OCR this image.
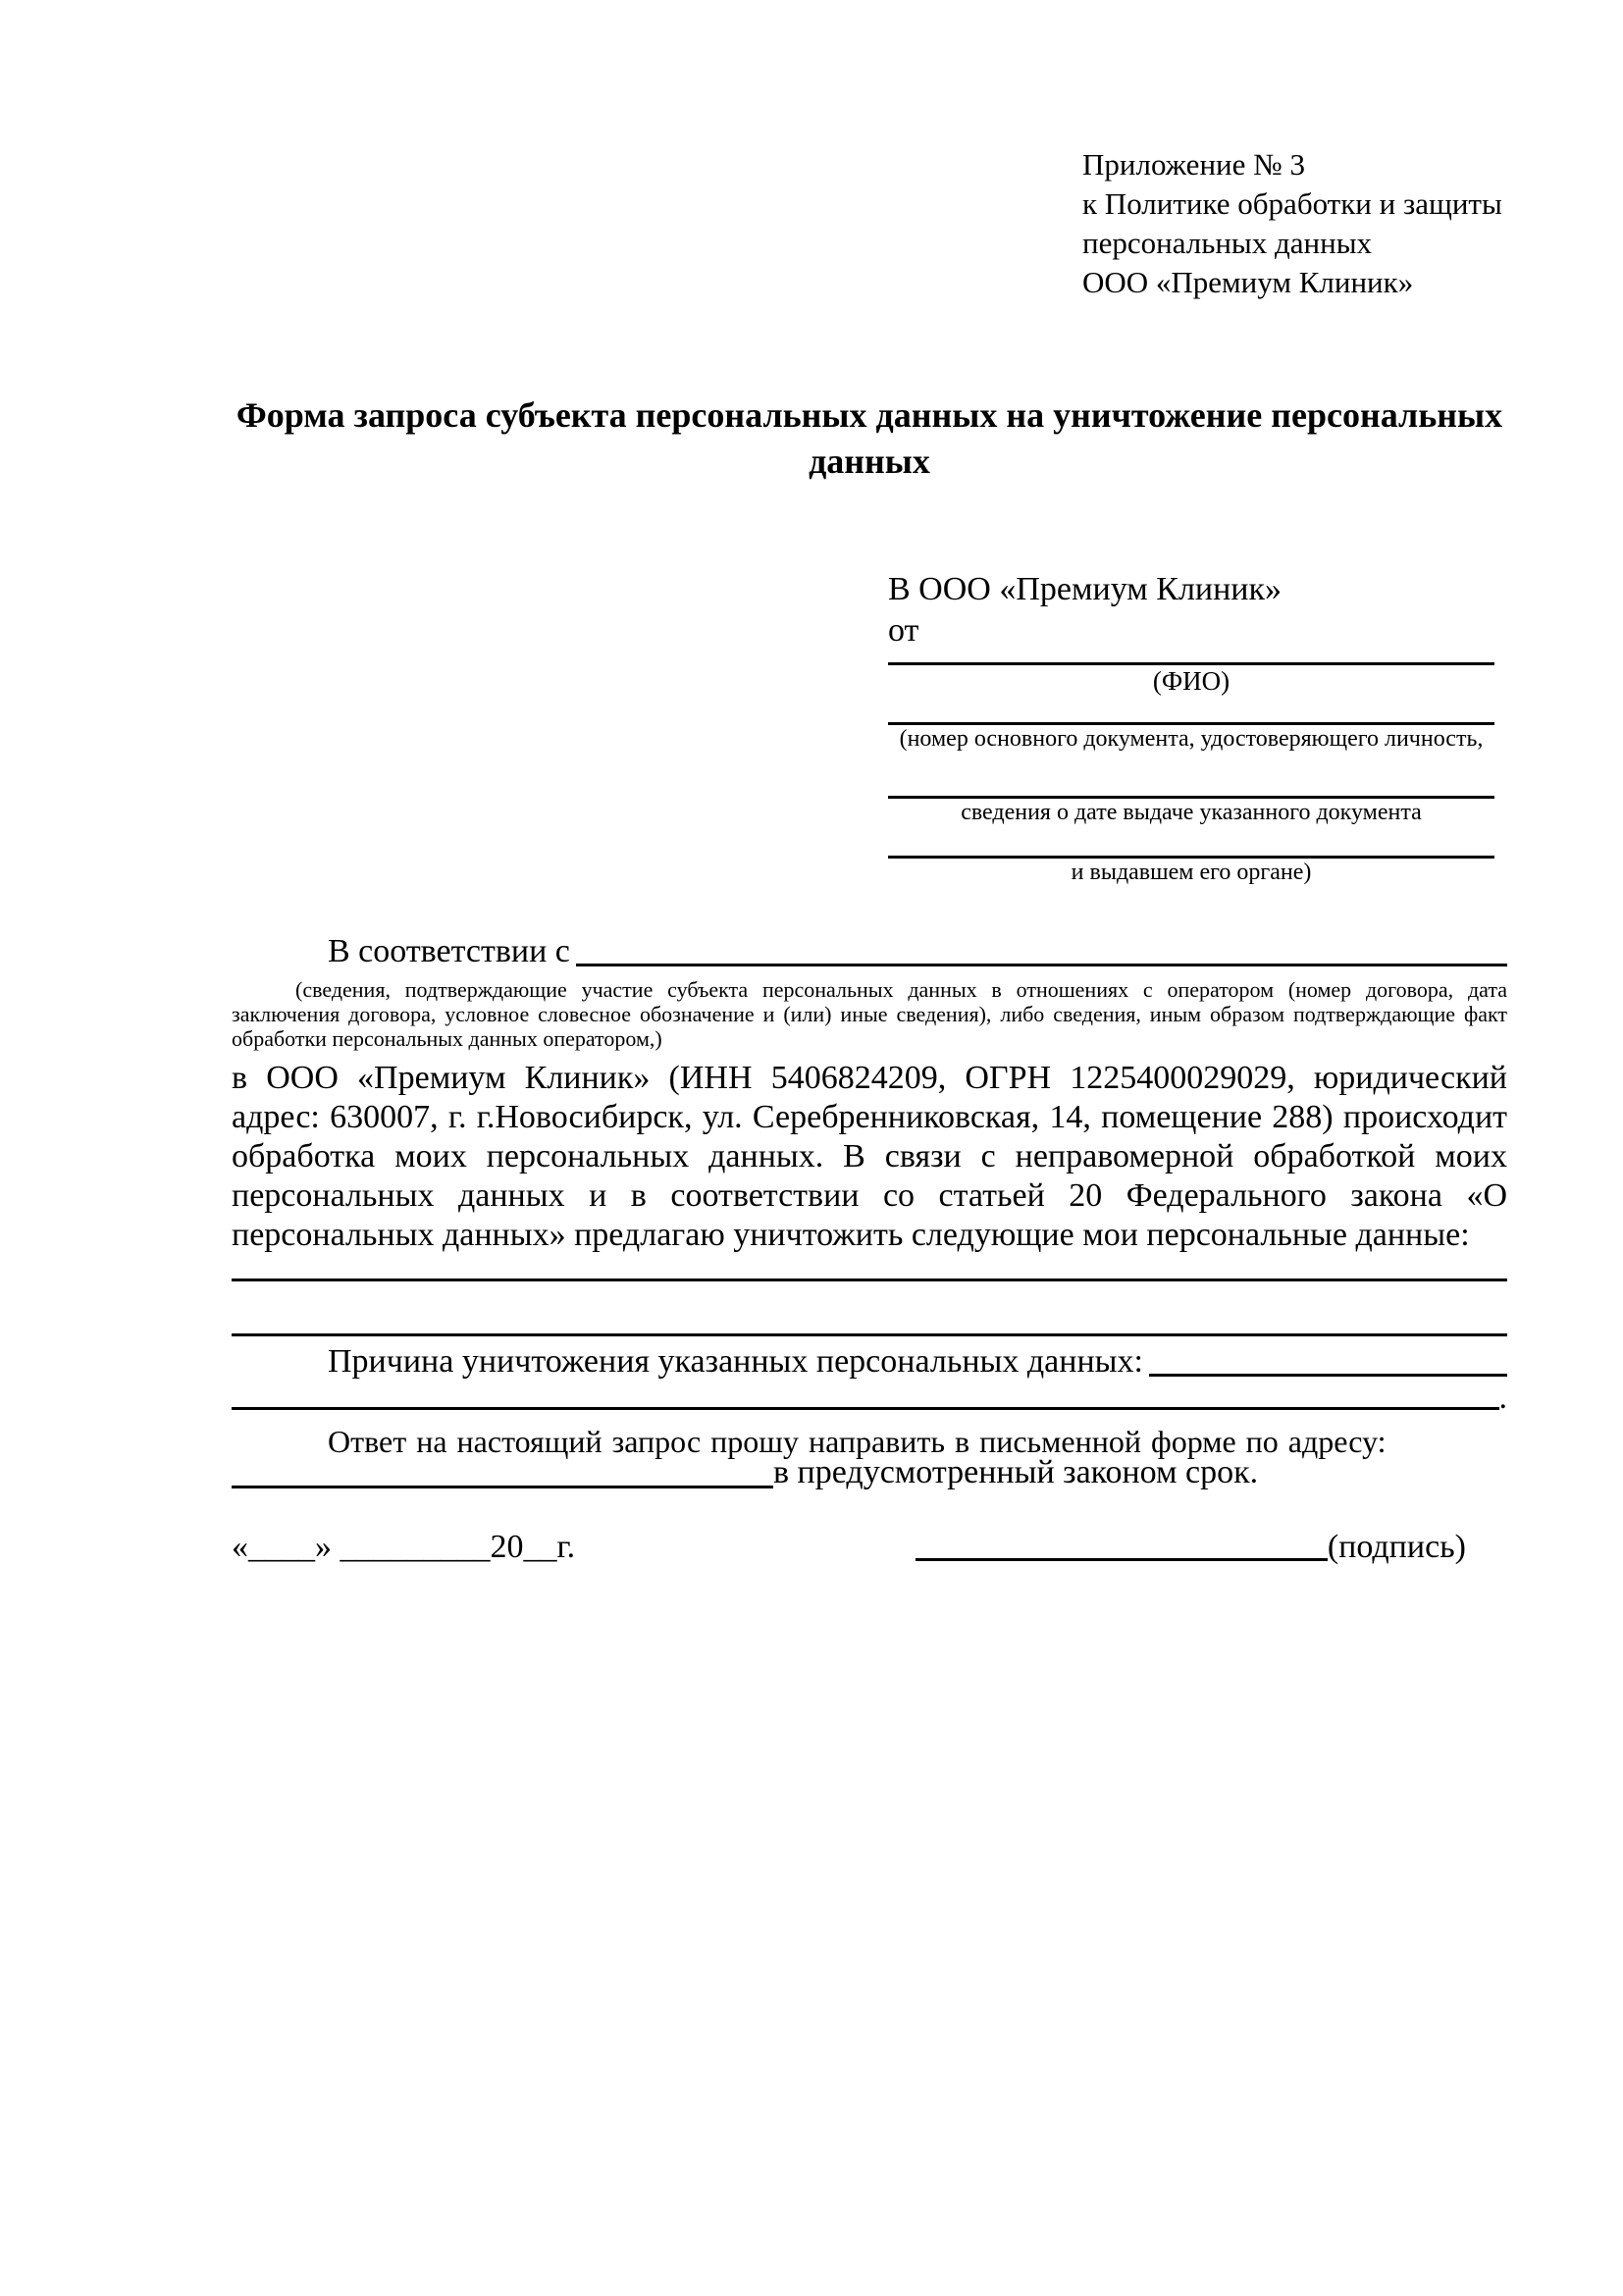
Приложение № 3
к Политике обработки и защиты
персональных данных
ООО «Премиум Клиник»
Форма запроса субъекта персональных данных на уничтожение персональных данных
В ООО «Премиум Клиник»
от
(ФИО)
(номер основного документа, удостоверяющего личность,
сведения о дате выдаче указанного документа
и выдавшем его органе)
В соответствии с
(сведения, подтверждающие участие субъекта персональных данных в отношениях с оператором (номер договора, дата заключения договора, условное словесное обозначение и (или) иные сведения), либо сведения, иным образом подтверждающие факт обработки персональных данных оператором,)
в ООО «Премиум Клиник» (ИНН 5406824209, ОГРН 1225400029029, юридический адрес: 630007, г. г.Новосибирск, ул. Серебренниковская, 14, помещение 288) происходит обработка моих персональных данных. В связи с неправомерной обработкой моих персональных данных и в соответствии со статьей 20 Федерального закона «О персональных данных» предлагаю уничтожить следующие мои персональные данные:
Причина уничтожения указанных персональных данных:
.
Ответ на настоящий запрос прошу направить в письменной форме по адресу:
в предусмотренный законом срок.
«____» _________20__г.	(подпись)
